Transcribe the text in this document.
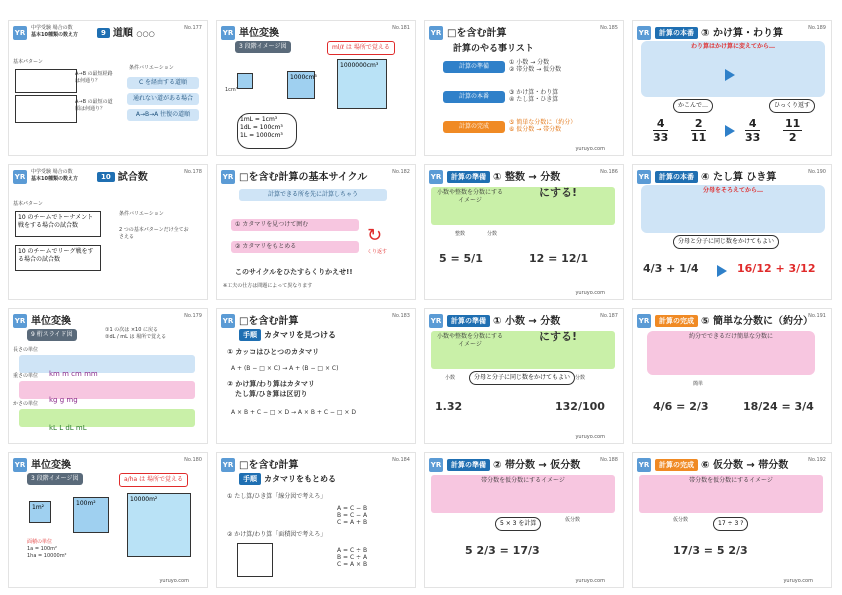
YR
中学受験 場合の数
基本10種類の数え方	9 道順 ○○○
No.177
基本パターン
A→B の最短経路は何通り？
A→B の最短の道順は何通り？
条件バリエーション
C を経由する道順
通れない道がある場合
A→B→A 往復の道順
YR 単位変換	No.181
3 段階イメージ図	ml/ℓ は 場所で覚える
1000cm³
1000000cm³
1cm³
1mL = 1cm³
1dL = 100cm³
1L = 1000cm³
YR □を含む計算	No.185
計算のやる事リスト
計算の準備
計算の本番
計算の完成
① 小数 → 分数
② 帯分数 → 仮分数
③ かけ算・わり算
④ たし算・ひき算
⑤ 簡単な分数に（約分）
⑥ 仮分数 → 帯分数
yuruyo.com
YR	計算の本番 ③ かけ算・わり算	No.189
わり算はかけ算に変えてから…
かこんで…	ひっくり返す
$\frac{4}{33} \frac{2}{11}$	$\frac{4}{33} \frac{11}{2}$
YR
中学受験 場合の数
基本10種類の数え方	10 試合数	No.178
基本パターン
10 のチームでトーナメント戦をする場合の試合数
10 のチームでリーグ戦をする場合の試合数
条件バリエーション
2 つの基本パターンだけ全ておさえる
YR □を含む計算の基本サイクル	No.182
計算できる所を先に計算しちゃう
① カタマリを見つけて囲む
② カタマリをもとめる
↻
くり返す
このサイクルをひたすらくりかえせ!!
※工夫の仕方は問題によって異なります
YR	計算の準備 ① 整数 → 分数	No.186
小数や整数を分数にするイメージ
にする!
整数	分数
5 = 5/1	12 = 12/1
yuruyo.com
YR	計算の本番 ④ たし算 ひき算	No.190
分母をそろえてから…
分母と分子に同じ数をかけてもよい
4/3 + 1/4	16/12 + 3/12
YR 単位変換	No.179
9 桁スライド図
①1 の次は ×10 に戻る
②dL / mL は 場所で覚える
長さの単位
重さの単位
かさの単位
km m cm mm
kg g mg
kL L dL mL
YR □を含む計算	No.183
手順 カタマリを見つける
① カッコはひとつのカタマリ
A + (B − □ × C) → A + (B − □ × C)
② かけ算/わり算はカタマリ
たし算/ひき算は区切り
A × B + C − □ × D → A × B + C − □ × D
YR	計算の準備 ① 小数 → 分数	No.187
小数や整数を分数にするイメージ
にする!
小数	分母と分子に同じ数をかけてもよい 分数
1.32	132/100
yuruyo.com
YR	計算の完成 ⑤ 簡単な分数に（約分）
No.191
約分でできるだけ簡単な分数に
簡単
4/6 = 2/3	18/24 = 3/4
YR 単位変換	No.180
3 段階イメージ図	a/ha は 場所で覚える
1m²
100m²
10000m²
面積の単位
1a = 100m²
1ha = 10000m²
yuruyo.com
YR □を含む計算	No.184
手順 カタマリをもとめる
① たし算/ひき算「線分図で考えろ」
A = C − B
B = C − A
C = A + B
② かけ算/わり算「面積図で考えろ」
A = C ÷ B
B = C ÷ A
C = A × B
YR	計算の準備 ② 帯分数 → 仮分数	No.188
帯分数を仮分数にするイメージ
5 × 3 を計算	仮分数
5 2/3 = 17/3
yuruyo.com
YR	計算の完成 ⑥ 仮分数 → 帯分数	No.192
帯分数を仮分数にするイメージ
仮分数	17 ÷ 3 ?
17/3 = 5 2/3
yuruyo.com
